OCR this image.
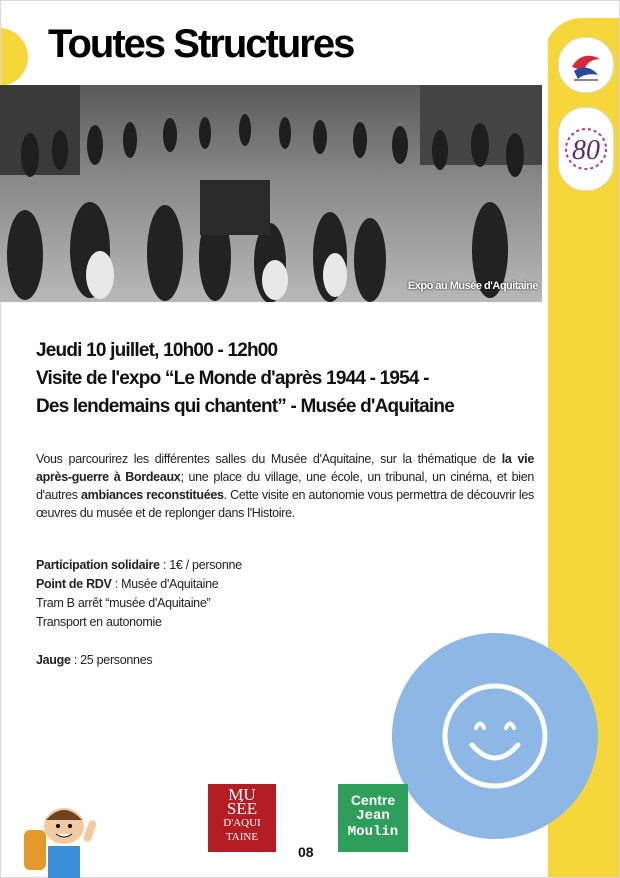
Toutes Structures
Expo au Musée d'Aquitaine
80
Jeudi 10 juillet, 10h00 - 12h00
Visite de l'expo “Le Monde d'après 1944 - 1954 -
Des lendemains qui chantent” - Musée d'Aquitaine
Vous parcourirez les différentes salles du Musée d'Aquitaine, sur la thématique de la vie après-guerre à Bordeaux; une place du village, une école, un tribunal, un cinéma, et bien d'autres ambiances reconstituées. Cette visite en autonomie vous permettra de découvrir les œuvres du musée et de replonger dans l'Histoire.
Participation solidaire : 1€ / personne
Point de RDV : Musée d'Aquitaine
Tram B arrêt “musée d'Aquitaine”
Transport en autonomie
Jauge : 25 personnes
MU
SÉE
D'AQUI
TAINE
Centre
Jean
Moulin
08
